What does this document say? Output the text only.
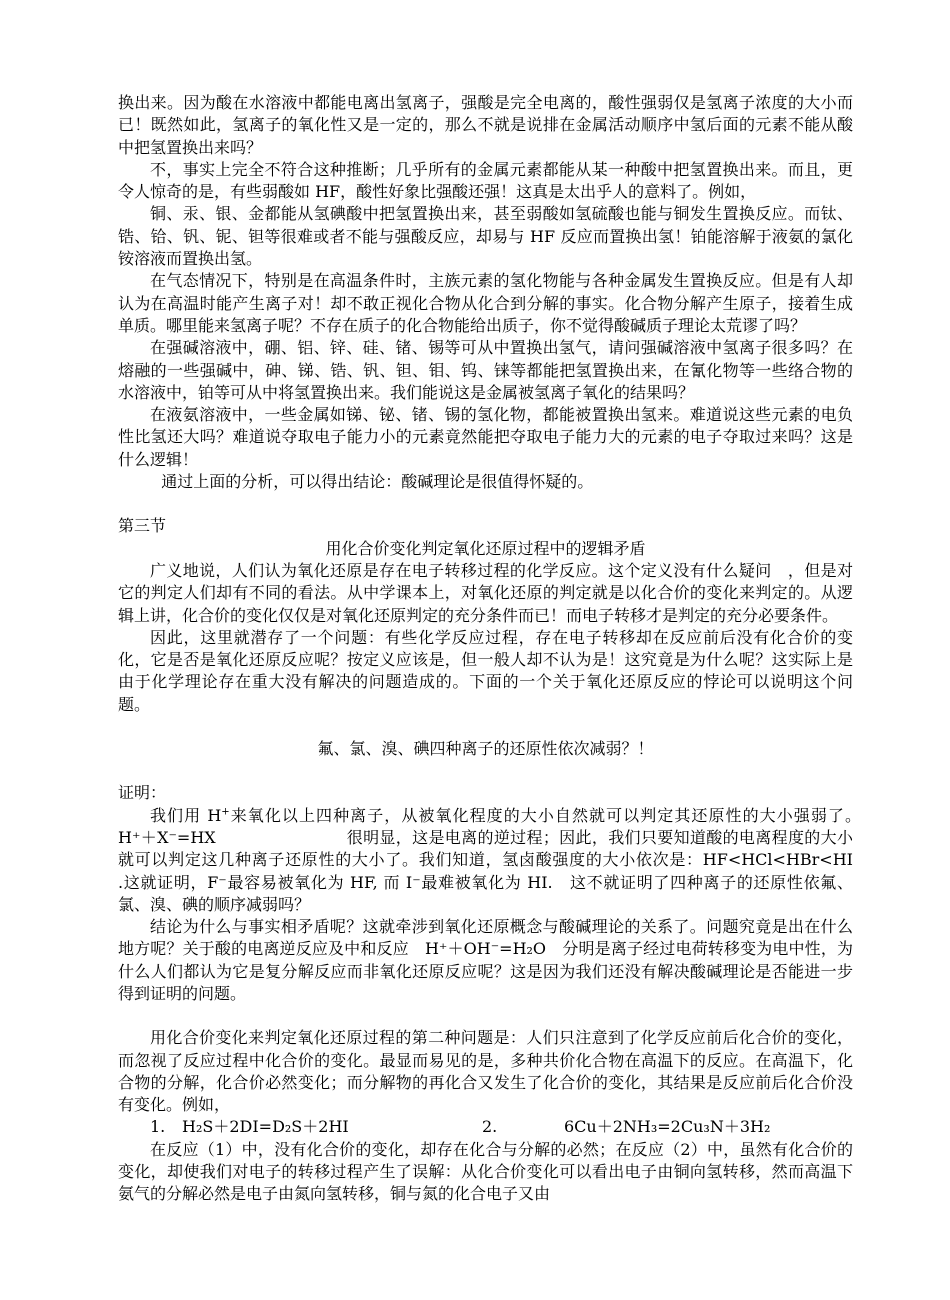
换出来。因为酸在水溶液中都能电离出氢离子，强酸是完全电离的，酸性强弱仅是氢离子浓度的大小而已！既然如此，氢离子的氧化性又是一定的，那么不就是说排在金属活动顺序中氢后面的元素不能从酸中把氢置换出来吗？

不，事实上完全不符合这种推断；几乎所有的金属元素都能从某一种酸中把氢置换出来。而且，更令人惊奇的是，有些弱酸如 HF，酸性好象比强酸还强！这真是太出乎人的意料了。例如，

铜、汞、银、金都能从氢碘酸中把氢置换出来，甚至弱酸如氢硫酸也能与铜发生置换反应。而钛、锆、铪、钒、铌、钽等很难或者不能与强酸反应，却易与 HF 反应而置换出氢！铂能溶解于液氨的氯化铵溶液而置换出氢。

在气态情况下，特别是在高温条件时，主族元素的氢化物能与各种金属发生置换反应。但是有人却认为在高温时能产生离子对！却不敢正视化合物从化合到分解的事实。化合物分解产生原子，接着生成单质。哪里能来氢离子呢？不存在质子的化合物能给出质子，你不觉得酸碱质子理论太荒谬了吗？

在强碱溶液中，硼、铝、锌、硅、锗、锡等可从中置换出氢气，请问强碱溶液中氢离子很多吗？在熔融的一些强碱中，砷、锑、锆、钒、钽、钼、钨、铼等都能把氢置换出来，在氰化物等一些络合物的水溶液中，铂等可从中将氢置换出来。我们能说这是金属被氢离子氧化的结果吗？

在液氨溶液中，一些金属如锑、铋、锗、锡的氢化物，都能被置换出氢来。难道说这些元素的电负性比氢还大吗？难道说夺取电子能力小的元素竟然能把夺取电子能力大的元素的电子夺取过来吗？这是什么逻辑！

通过上面的分析，可以得出结论：酸碱理论是很值得怀疑的。

第三节

用化合价变化判定氧化还原过程中的逻辑矛盾

广义地说，人们认为氧化还原是存在电子转移过程的化学反应。这个定义没有什么疑问　，但是对它的判定人们却有不同的看法。从中学课本上，对氧化还原的判定就是以化合价的变化来判定的。从逻辑上讲，化合价的变化仅仅是对氧化还原判定的充分条件而已！而电子转移才是判定的充分必要条件。

因此，这里就潜存了一个问题：有些化学反应过程，存在电子转移却在反应前后没有化合价的变化，它是否是氧化还原反应呢？按定义应该是，但一般人却不认为是！这究竟是为什么呢？这实际上是由于化学理论存在重大没有解决的问题造成的。下面的一个关于氧化还原反应的悖论可以说明这个问题。

氟、氯、溴、碘四种离子的还原性依次减弱？！

证明：

我们用 H+来氧化以上四种离子，从被氧化程度的大小自然就可以判定其还原性的大小强弱了。　　　　　　H⁺＋X⁻=HX　　　　　　　　	很明显，这是电离的逆过程；因此，我们只要知道酸的电离程度的大小就可以判定这几种离子还原性的大小了。我们知道，氢卤酸强度的大小依次是：HF<HCl<HBr<HI　 .这就证明，F⁻最容易被氧化为 HF, 而 I⁻最难被氧化为 HI.　这不就证明了四种离子的还原性依氟、氯、溴、碘的顺序减弱吗？

结论为什么与事实相矛盾呢？这就牵涉到氧化还原概念与酸碱理论的关系了。问题究竟是出在什么地方呢？关于酸的电离逆反应及中和反应　H⁺＋OH⁻=H₂O　分明是离子经过电荷转移变为电中性，为什么人们都认为它是复分解反应而非氧化还原反应呢？这是因为我们还没有解决酸碱理论是否能进一步得到证明的问题。

用化合价变化来判定氧化还原过程的第二种问题是：人们只注意到了化学反应前后化合价的变化，而忽视了反应过程中化合价的变化。最显而易见的是，多种共价化合物在高温下的反应。在高温下，化合物的分解，化合价必然变化；而分解物的再化合又发生了化合价的变化，其结果是反应前后化合价没有变化。例如，

1. H₂S＋2DI=D₂S＋2HI	2.	6Cu＋2NH₃=2Cu₃N＋3H₂

在反应（1）中，没有化合价的变化，却存在化合与分解的必然；在反应（2）中，虽然有化合价的变化，却使我们对电子的转移过程产生了误解：从化合价变化可以看出电子由铜向氢转移，然而高温下氨气的分解必然是电子由氮向氢转移，铜与氮的化合电子又由
